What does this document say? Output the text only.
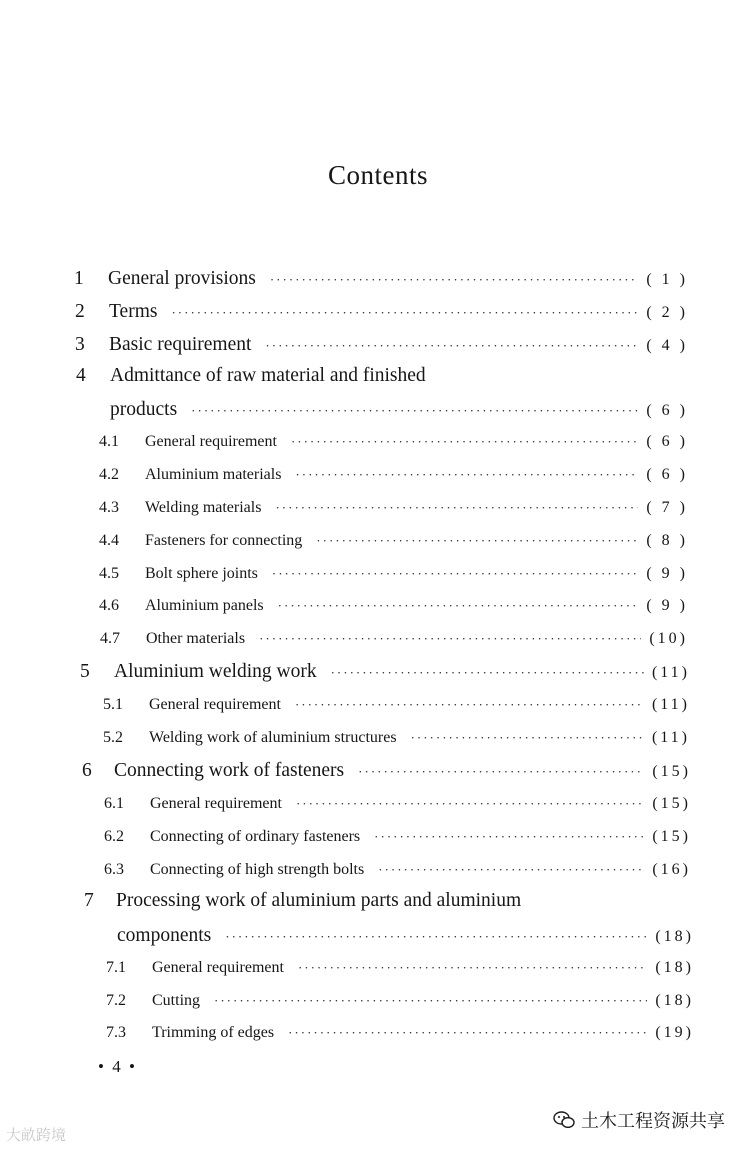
Contents
1	General provisions ·····	( 1 )
2	Terms ·····	( 2 )
3	Basic requirement ·····	( 4 )
4	Admittance of raw material and finished
products ·····	( 6 )
4.1	General requirement ·····	( 6 )
4.2	Aluminium materials ·····	( 6 )
4.3	Welding materials ·····	( 7 )
4.4	Fasteners for connecting ·····	( 8 )
4.5	Bolt sphere joints ·····	( 9 )
4.6	Aluminium panels ·····	( 9 )
4.7	Other materials ·····	(10)
5	Aluminium welding work ·····	(11)
5.1	General requirement ·····	(11)
5.2	Welding work of aluminium structures ·····	(11)
6	Connecting work of fasteners ·····	(15)
6.1	General requirement ·····	(15)
6.2	Connecting of ordinary fasteners ·····	(15)
6.3	Connecting of high strength bolts ·····	(16)
7	Processing work of aluminium parts and aluminium
components ·····	(18)
7.1	General requirement ·····	(18)
7.2	Cutting ·····	(18)
7.3	Trimming of edges ·····	(19)
• 4 •
大畝跨境
土木工程资源共享
